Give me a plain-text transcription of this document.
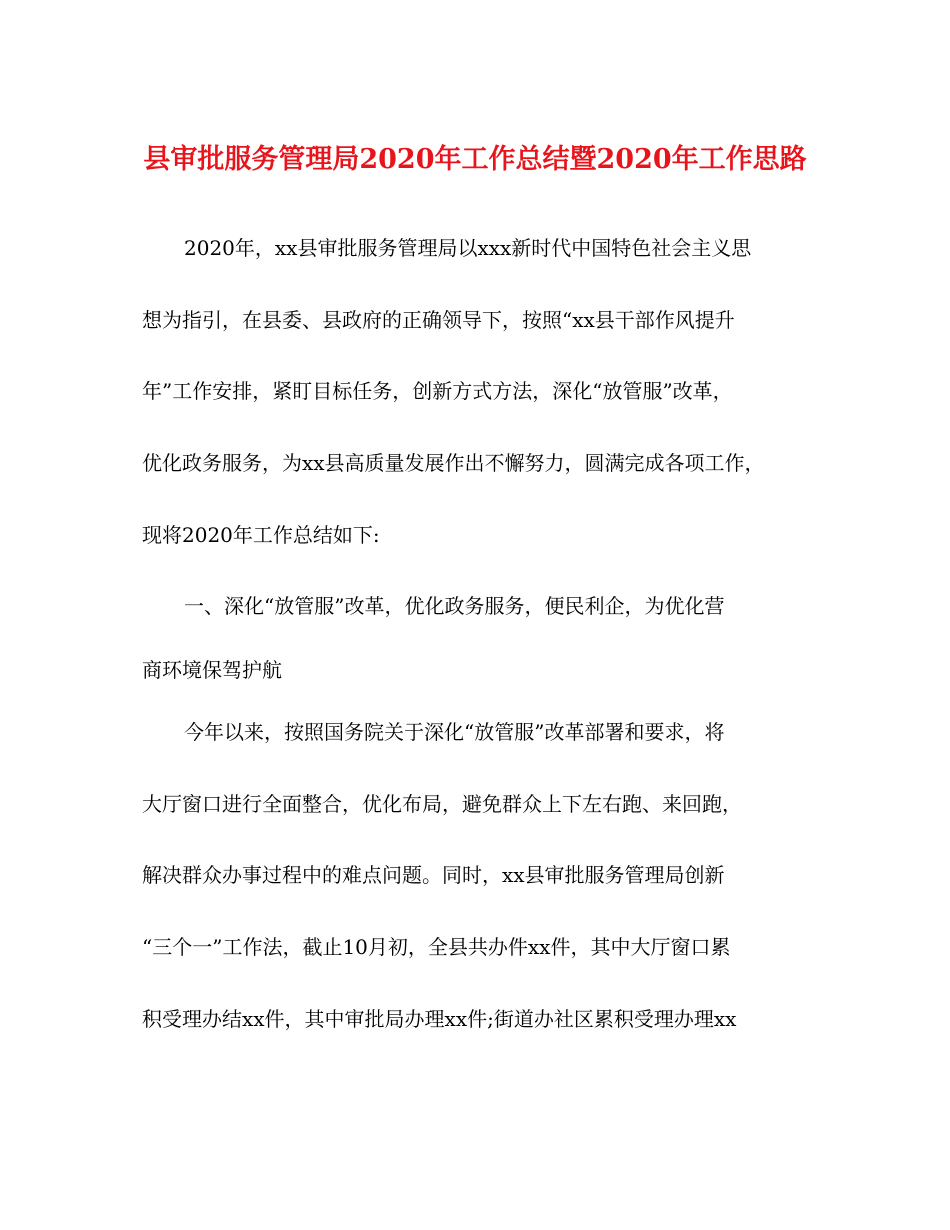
县审批服务管理局2020年工作总结暨2020年工作思路
2020年，xx县审批服务管理局以xxx新时代中国特色社会主义思
想为指引，在县委、县政府的正确领导下，按照“xx县干部作风提升
年”工作安排，紧盯目标任务，创新方式方法，深化“放管服”改革，
优化政务服务，为xx县高质量发展作出不懈努力，圆满完成各项工作，
现将2020年工作总结如下:
一、深化“放管服”改革，优化政务服务，便民利企，为优化营
商环境保驾护航
今年以来，按照国务院关于深化“放管服”改革部署和要求，将
大厅窗口进行全面整合，优化布局，避免群众上下左右跑、来回跑，
解决群众办事过程中的难点问题。同时，xx县审批服务管理局创新
“三个一”工作法，截止10月初，全县共办件xx件，其中大厅窗口累
积受理办结xx件，其中审批局办理xx件;街道办社区累积受理办理xx
